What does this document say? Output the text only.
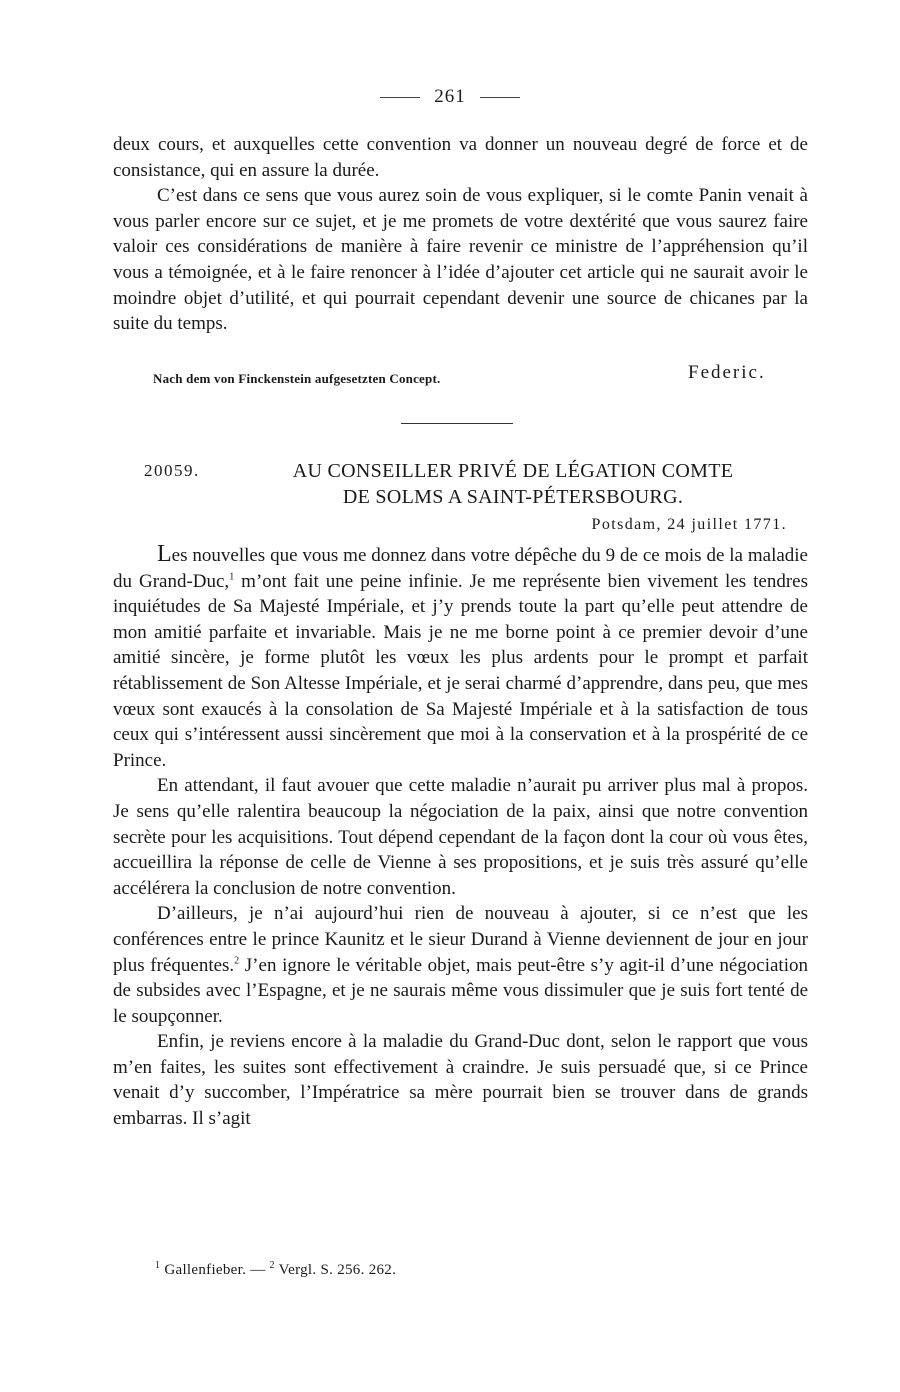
261

deux cours, et auxquelles cette convention va donner un nouveau degré de force et de consistance, qui en assure la durée.

C’est dans ce sens que vous aurez soin de vous expliquer, si le comte Panin venait à vous parler encore sur ce sujet, et je me promets de votre dextérité que vous saurez faire valoir ces considérations de manière à faire revenir ce ministre de l’appréhension qu’il vous a témoignée, et à le faire renoncer à l’idée d’ajouter cet article qui ne saurait avoir le moindre objet d’utilité, et qui pourrait cependant devenir une source de chicanes par la suite du temps.

Nach dem von Finckenstein aufgesetzten Concept.	Federic.
20059.	AU CONSEILLER PRIVÉ DE LÉGATION COMTE
DE SOLMS A SAINT-PÉTERSBOURG.
Potsdam, 24 juillet 1771.

Les nouvelles que vous me donnez dans votre dépêche du 9 de ce mois de la maladie du Grand-Duc,$^1$ m’ont fait une peine infinie. Je me représente bien vivement les tendres inquiétudes de Sa Majesté Impériale, et j’y prends toute la part qu’elle peut attendre de mon amitié parfaite et invariable. Mais je ne me borne point à ce premier devoir d’une amitié sincère, je forme plutôt les vœux les plus ardents pour le prompt et parfait rétablissement de Son Altesse Impériale, et je serai charmé d’apprendre, dans peu, que mes vœux sont exaucés à la consolation de Sa Majesté Impériale et à la satisfaction de tous ceux qui s’intéressent aussi sincèrement que moi à la conservation et à la prospérité de ce Prince.

En attendant, il faut avouer que cette maladie n’aurait pu arriver plus mal à propos. Je sens qu’elle ralentira beaucoup la négociation de la paix, ainsi que notre convention secrète pour les acquisitions. Tout dépend cependant de la façon dont la cour où vous êtes, accueillira la réponse de celle de Vienne à ses propositions, et je suis très assuré qu’elle accélérera la conclusion de notre convention.

D’ailleurs, je n’ai aujourd’hui rien de nouveau à ajouter, si ce n’est que les conférences entre le prince Kaunitz et le sieur Durand à Vienne deviennent de jour en jour plus fréquentes.$^2$ J’en ignore le véritable objet, mais peut-être s’y agit-il d’une négociation de subsides avec l’Espagne, et je ne saurais même vous dissimuler que je suis fort tenté de le soupçonner.

Enfin, je reviens encore à la maladie du Grand-Duc dont, selon le rapport que vous m’en faites, les suites sont effectivement à craindre. Je suis persuadé que, si ce Prince venait d’y succomber, l’Impératrice sa mère pourrait bien se trouver dans de grands embarras. Il s’agit

$^1$ Gallenfieber. — $^2$ Vergl. S. 256. 262.
